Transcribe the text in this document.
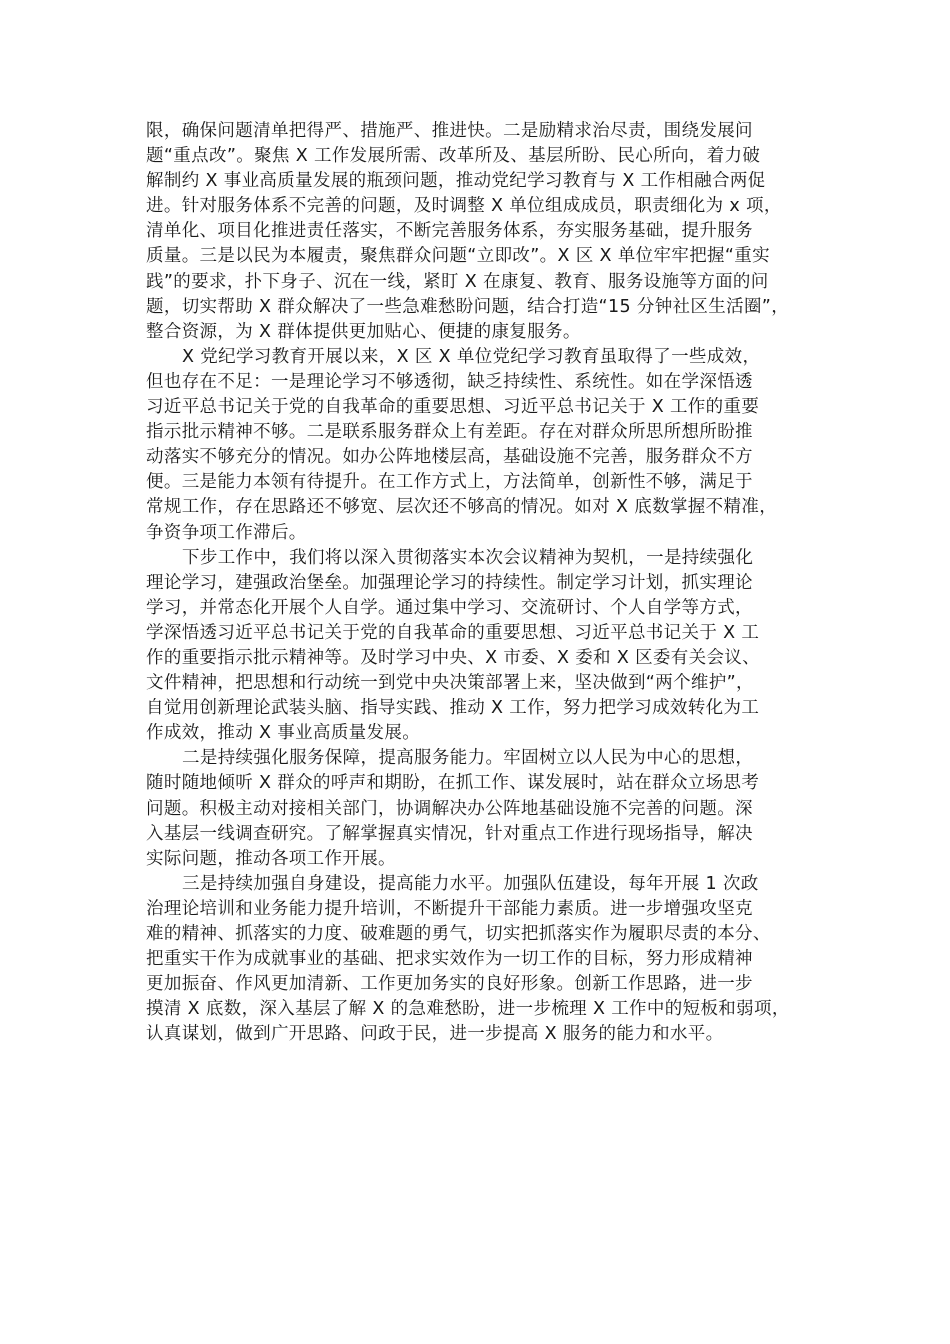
限，确保问题清单把得严、措施严、推进快。二是励精求治尽责，围绕发展问
题“重点改”。聚焦 X 工作发展所需、改革所及、基层所盼、民心所向，着力破
解制约 X 事业高质量发展的瓶颈问题，推动党纪学习教育与 X 工作相融合两促
进。针对服务体系不完善的问题，及时调整 X 单位组成成员，职责细化为 x 项，
清单化、项目化推进责任落实，不断完善服务体系，夯实服务基础，提升服务
质量。三是以民为本履责，聚焦群众问题“立即改”。X 区 X 单位牢牢把握“重实
践”的要求，扑下身子、沉在一线，紧盯 X 在康复、教育、服务设施等方面的问
题，切实帮助 X 群众解决了一些急难愁盼问题，结合打造“15 分钟社区生活圈”，
整合资源，为 X 群体提供更加贴心、便捷的康复服务。
X 党纪学习教育开展以来，X 区 X 单位党纪学习教育虽取得了一些成效，
但也存在不足：一是理论学习不够透彻，缺乏持续性、系统性。如在学深悟透
习近平总书记关于党的自我革命的重要思想、习近平总书记关于 X 工作的重要
指示批示精神不够。二是联系服务群众上有差距。存在对群众所思所想所盼推
动落实不够充分的情况。如办公阵地楼层高，基础设施不完善，服务群众不方
便。三是能力本领有待提升。在工作方式上，方法简单，创新性不够，满足于
常规工作，存在思路还不够宽、层次还不够高的情况。如对 X 底数掌握不精准，
争资争项工作滞后。
下步工作中，我们将以深入贯彻落实本次会议精神为契机，一是持续强化
理论学习，建强政治堡垒。加强理论学习的持续性。制定学习计划，抓实理论
学习，并常态化开展个人自学。通过集中学习、交流研讨、个人自学等方式，
学深悟透习近平总书记关于党的自我革命的重要思想、习近平总书记关于 X 工
作的重要指示批示精神等。及时学习中央、X 市委、X 委和 X 区委有关会议、
文件精神，把思想和行动统一到党中央决策部署上来，坚决做到“两个维护”，
自觉用创新理论武装头脑、指导实践、推动 X 工作，努力把学习成效转化为工
作成效，推动 X 事业高质量发展。
二是持续强化服务保障，提高服务能力。牢固树立以人民为中心的思想，
随时随地倾听 X 群众的呼声和期盼，在抓工作、谋发展时，站在群众立场思考
问题。积极主动对接相关部门，协调解决办公阵地基础设施不完善的问题。深
入基层一线调查研究。了解掌握真实情况，针对重点工作进行现场指导，解决
实际问题，推动各项工作开展。
三是持续加强自身建设，提高能力水平。加强队伍建设，每年开展 1 次政
治理论培训和业务能力提升培训，不断提升干部能力素质。进一步增强攻坚克
难的精神、抓落实的力度、破难题的勇气，切实把抓落实作为履职尽责的本分、
把重实干作为成就事业的基础、把求实效作为一切工作的目标，努力形成精神
更加振奋、作风更加清新、工作更加务实的良好形象。创新工作思路，进一步
摸清 X 底数，深入基层了解 X 的急难愁盼，进一步梳理 X 工作中的短板和弱项，
认真谋划，做到广开思路、问政于民，进一步提高 X 服务的能力和水平。
